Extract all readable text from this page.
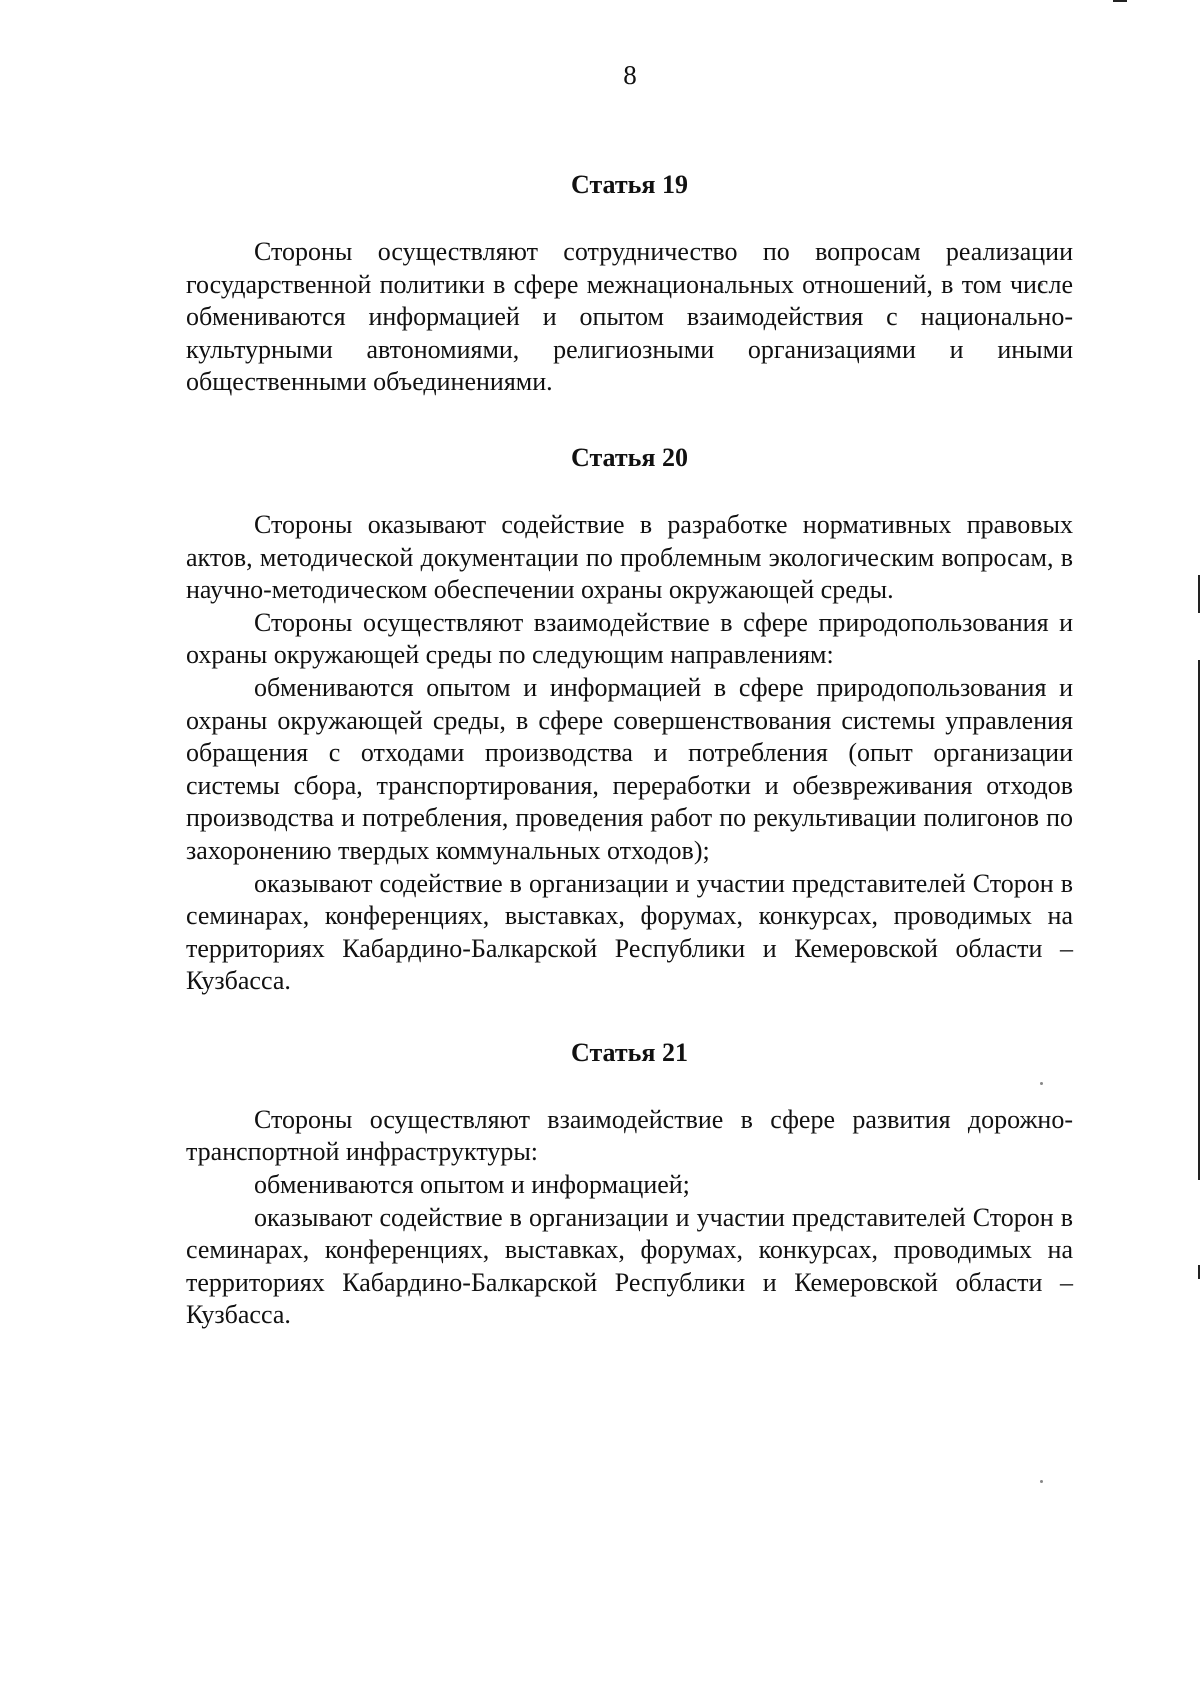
8
Статья 19

Стороны осуществляют сотрудничество по вопросам реализации государственной политики в сфере межнациональных отношений, в том числе обмениваются информацией и опытом взаимодействия с национально-культурными автономиями, религиозными организациями и иными общественными объединениями.

Статья 20

Стороны оказывают содействие в разработке нормативных правовых актов, методической документации по проблемным экологическим вопросам, в научно-методическом обеспечении охраны окружающей среды.

Стороны осуществляют взаимодействие в сфере природопользования и охраны окружающей среды по следующим направлениям:

обмениваются опытом и информацией в сфере природопользования и охраны окружающей среды, в сфере совершенствования системы управления обращения с отходами производства и потребления (опыт организации системы сбора, транспортирования, переработки и обезвреживания отходов производства и потребления, проведения работ по рекультивации полигонов по захоронению твердых коммунальных отходов);

оказывают содействие в организации и участии представителей Сторон в семинарах, конференциях, выставках, форумах, конкурсах, проводимых на территориях Кабардино-Балкарской Республики и Кемеровской области – Кузбасса.

Статья 21

Стороны осуществляют взаимодействие в сфере развития дорожно-транспортной инфраструктуры:

обмениваются опытом и информацией;

оказывают содействие в организации и участии представителей Сторон в семинарах, конференциях, выставках, форумах, конкурсах, проводимых на территориях Кабардино-Балкарской Республики и Кемеровской области – Кузбасса.
